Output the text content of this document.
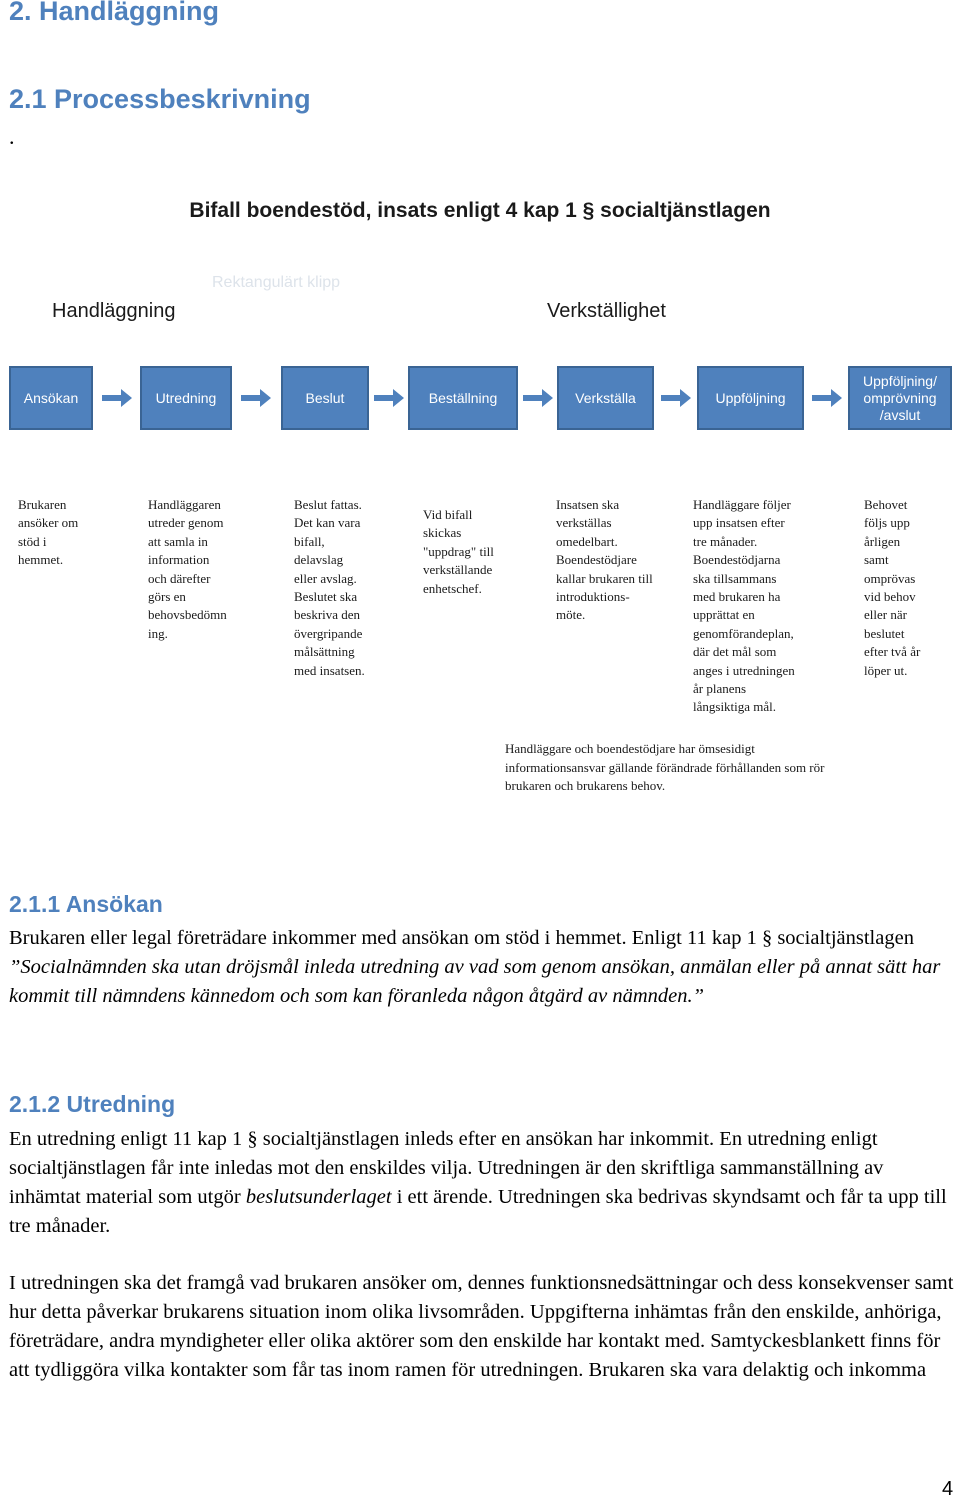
2. Handläggning
2.1 Processbeskrivning
.
Bifall boendestöd, insats enligt 4 kap 1 § socialtjänstlagen
Rektangulärt klipp
Handläggning	Verkställighet
Ansökan	Utredning	Beslut	Beställning	Verkställa	Uppföljning
Uppföljning/ omprövning /avslut
Brukaren
ansöker om
stöd i
hemmet.
Handläggaren
utreder genom
att samla in
information
och därefter
görs en
behovsbedömn
ing.
Beslut fattas.
Det kan vara
bifall,
delavslag
eller avslag.
Beslutet ska
beskriva den
övergripande
målsättning
med insatsen.
Vid bifall
skickas
"uppdrag" till
verkställande
enhetschef.
Insatsen ska
verkställas
omedelbart.
Boendestödjare
kallar brukaren till
introduktions-
möte.
Handläggare följer
upp insatsen efter
tre månader.
Boendestödjarna
ska tillsammans
med brukaren ha
upprättat en
genomförandeplan,
där det mål som
anges i utredningen
år planens
långsiktiga mål.
Behovet
följs upp
årligen
samt
omprövas
vid behov
eller när
beslutet
efter två år
löper ut.
Handläggare och boendestödjare har ömsesidigt
informationsansvar gällande förändrade förhållanden som rör
brukaren och brukarens behov.
2.1.1 Ansökan

Brukaren eller legal företrädare inkommer med ansökan om stöd i hemmet. Enligt 11 kap 1 § socialtjänstlagen ”Socialnämnden ska utan dröjsmål inleda utredning av vad som genom ansökan, anmälan eller på annat sätt har kommit till nämndens kännedom och som kan föranleda någon åtgärd av nämnden.”

2.1.2 Utredning

En utredning enligt 11 kap 1 § socialtjänstlagen inleds efter en ansökan har inkommit. En utredning enligt socialtjänstlagen får inte inledas mot den enskildes vilja. Utredningen är den skriftliga sammanställning av inhämtat material som utgör beslutsunderlaget i ett ärende. Utredningen ska bedrivas skyndsamt och får ta upp till tre månader.

I utredningen ska det framgå vad brukaren ansöker om, dennes funktionsnedsättningar och dess konsekvenser samt hur detta påverkar brukarens situation inom olika livsområden. Uppgifterna inhämtas från den enskilde, anhöriga, företrädare, andra myndigheter eller olika aktörer som den enskilde har kontakt med. Samtyckesblankett finns för att tydliggöra vilka kontakter som får tas inom ramen för utredningen. Brukaren ska vara delaktig och inkomma

4
